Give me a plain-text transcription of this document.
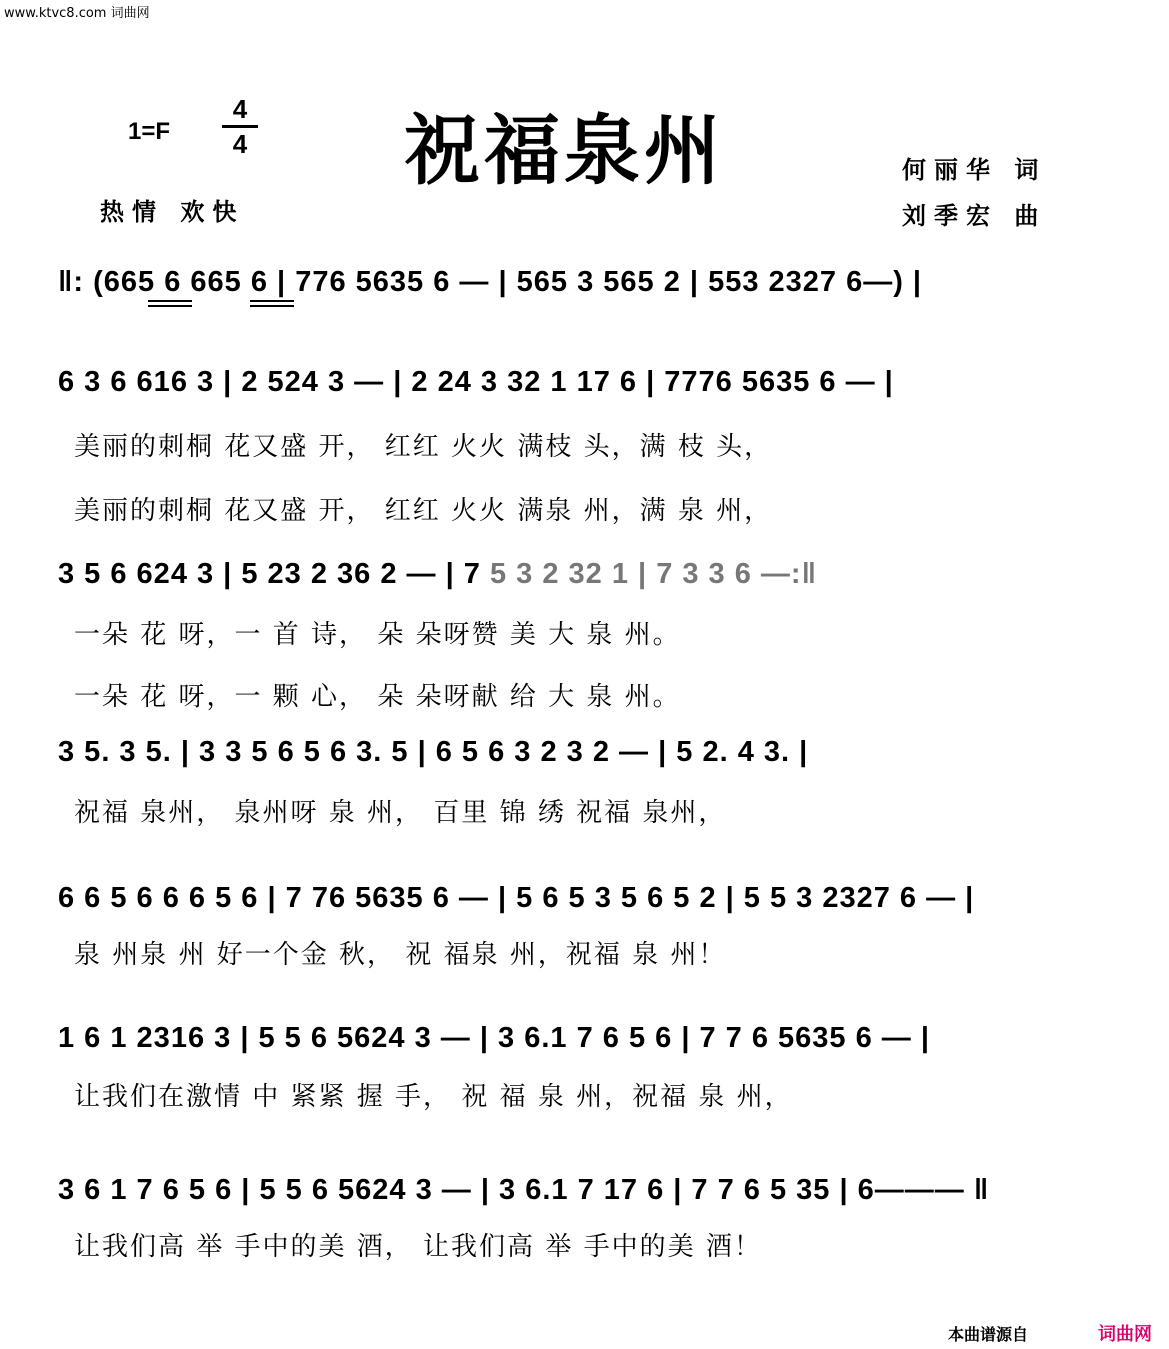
www.ktvc8.com 词曲网
1=F
4
4 祝福泉州
热情 欢快
何丽华 词
刘季宏 曲
‖: (665 6 665 6 | 776 5635 6 — | 565 3 565 2 | 553 2327 6—) |
6 3 6 616 3 | 2 524 3 — | 2 24 3 32 1 17 6 | 7776 5635 6 — |
美丽的刺桐 花又盛 开， 红红 火火 满枝 头，满 枝 头，
美丽的刺桐 花又盛 开， 红红 火火 满泉 州，满 泉 州，
3 5 6 624 3 | 5 23 2 36 2 — | 7 5 3 2 32 1 | 7 3 3 6 —:‖
一朵 花 呀，一 首 诗， 朵 朵呀赞 美 大 泉 州。
一朵 花 呀，一 颗 心， 朵 朵呀献 给 大 泉 州。
3 5. 3 5. | 3 3 5 6 5 6 3. 5 | 6 5 6 3 2 3 2 — | 5 2. 4 3. |
祝福 泉州， 泉州呀 泉 州， 百里 锦 绣 祝福 泉州，
6 6 5 6 6 6 5 6 | 7 76 5635 6 — | 5 6 5 3 5 6 5 2 | 5 5 3 2327 6 — |
泉 州泉 州 好一个金 秋， 祝 福泉 州，祝福 泉 州！
1 6 1 2316 3 | 5 5 6 5624 3 — | 3 6.1 7 6 5 6 | 7 7 6 5635 6 — |
让我们在激情 中 紧紧 握 手， 祝 福 泉 州，祝福 泉 州，
3 6 1 7 6 5 6 | 5 5 6 5624 3 — | 3 6.1 7 17 6 | 7 7 6 5 35 | 6——— ‖
让我们高 举 手中的美 酒， 让我们高 举 手中的美 酒！
本曲谱源自	词曲网
